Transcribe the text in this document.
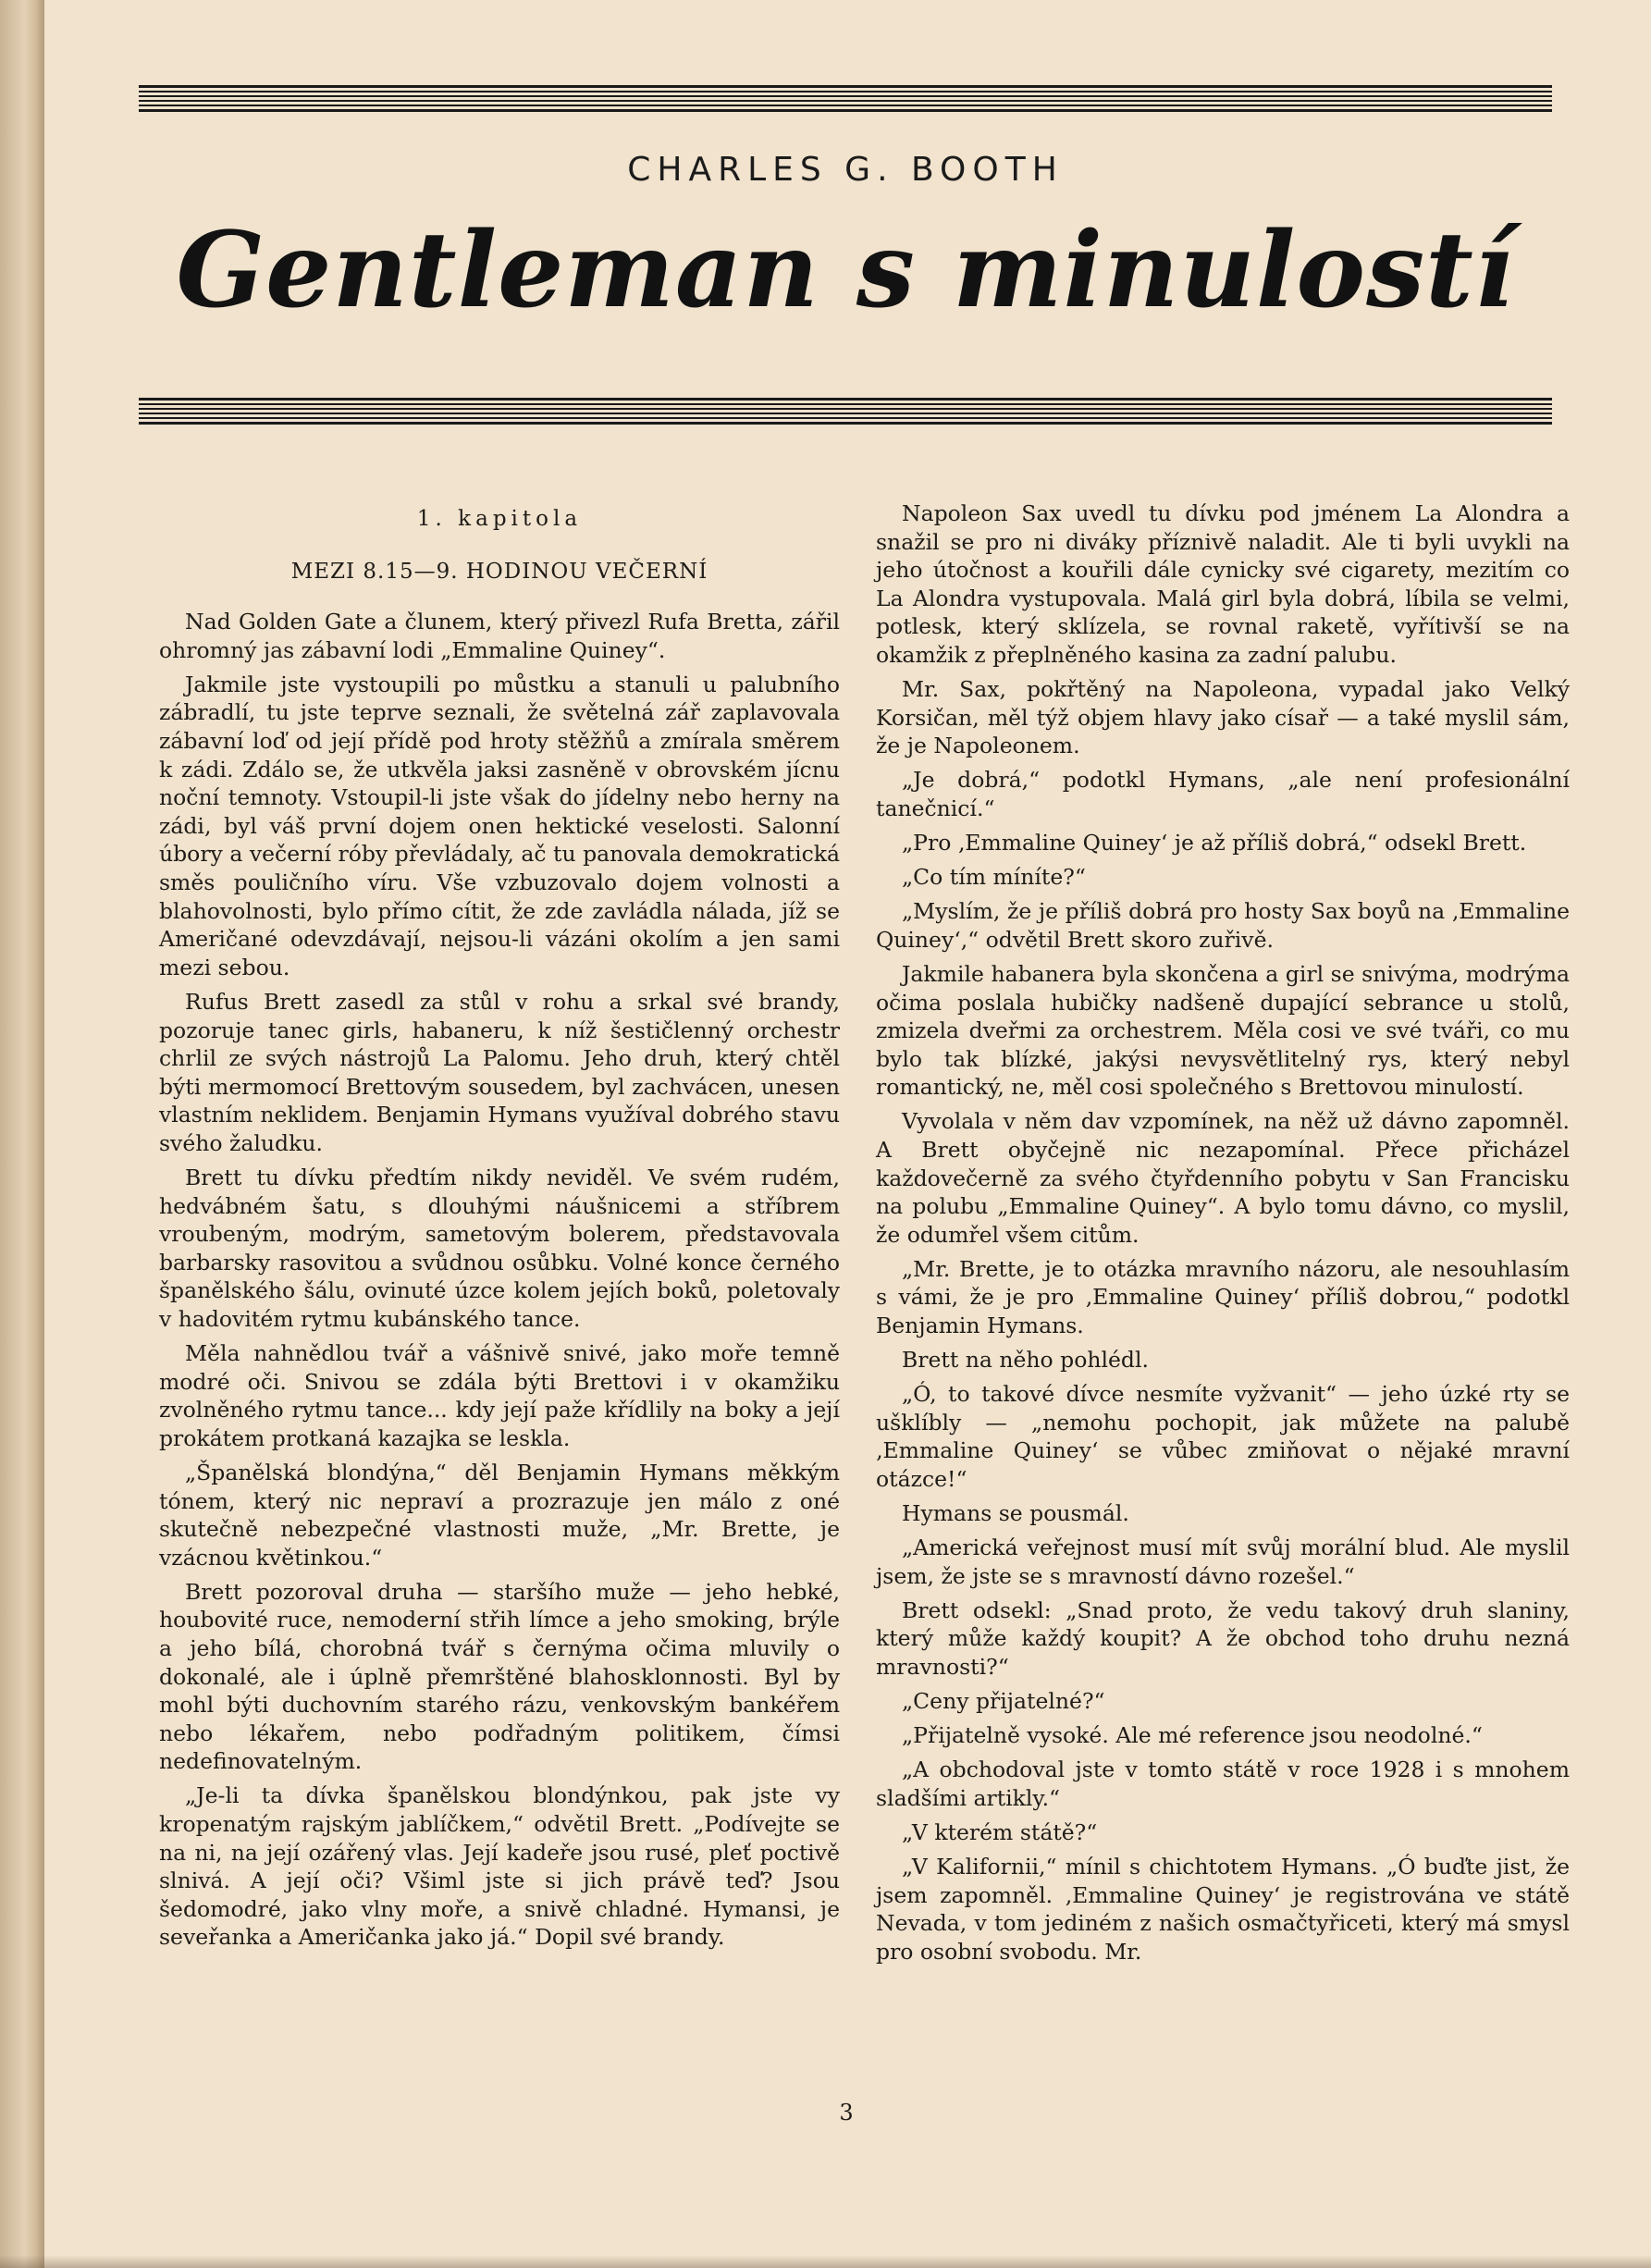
CHARLES G. BOOTH
Gentleman s minulostí
1. kapitola
MEZI 8.15—9. HODINOU VEČERNÍ

Nad Golden Gate a člunem, který přivezl Rufa Bretta, zářil ohromný jas zábavní lodi „Emmaline Quiney“.

Jakmile jste vystoupili po můstku a stanuli u palubního zábradlí, tu jste teprve seznali, že světelná zář zaplavovala zábavní loď od její přídě pod hroty stěžňů a zmírala směrem k zádi. Zdálo se, že utkvěla jaksi zasněně v obrovském jícnu noční temnoty. Vstoupil-li jste však do jídelny nebo herny na zádi, byl váš první dojem onen hektické veselosti. Salonní úbory a večerní róby převládaly, ač tu panovala demokratická směs pouličního víru. Vše vzbuzovalo dojem volnosti a blahovolnosti, bylo přímo cítit, že zde zavládla nálada, jíž se Američané odevzdávají, nejsou-li vázáni okolím a jen sami mezi sebou.

Rufus Brett zasedl za stůl v rohu a srkal své brandy, pozoruje tanec girls, habaneru, k níž šestičlenný orchestr chrlil ze svých nástrojů La Palomu. Jeho druh, který chtěl býti mermomocí Brettovým sousedem, byl zachvácen, unesen vlastním neklidem. Benjamin Hymans využíval dobrého stavu svého žaludku.

Brett tu dívku předtím nikdy neviděl. Ve svém rudém, hedvábném šatu, s dlouhými náušnicemi a stříbrem vroubeným, modrým, sametovým bolerem, představovala barbarsky rasovitou a svůdnou osůbku. Volné konce černého španělského šálu, ovinuté úzce kolem jejích boků, poletovaly v hadovitém rytmu kubánského tance.

Měla nahnědlou tvář a vášnivě snivé, jako moře temně modré oči. Snivou se zdála býti Brettovi i v okamžiku zvolněného rytmu tance... kdy její paže křídlily na boky a její prokátem protkaná kazajka se leskla.

„Španělská blondýna,“ děl Benjamin Hymans měkkým tónem, který nic neprаví a prozrazuje jen málo z oné skutečně nebezpečné vlastnosti muže, „Mr. Brette, je vzácnou květinkou.“

Brett pozoroval druha — staršího muže — jeho hebké, houbovité ruce, nemoderní střih límce a jeho smoking, brýle a jeho bílá, chorobná tvář s černýma očima mluvily o dokonalé, ale i úplně přemrštěné blahosklonnosti. Byl by mohl býti duchovním starého rázu, venkovským bankéřem nebo lékařem, nebo podřadným politikem, čímsi nedefinovatelným.

„Je-li ta dívka španělskou blondýnkou, pak jste vy kropenatým rajským jablíčkem,“ odvětil Brett. „Podívejte se na ni, na její ozářený vlas. Její kadeře jsou rusé, pleť poctivě slnivá. A její oči? Všiml jste si jich právě teď? Jsou šedomodré, jako vlny moře, a snivě chladné. Hymansi, je seveřanka a Američanka jako já.“ Dopil své brandy.

Napoleon Sax uvedl tu dívku pod jménem La Alondra a snažil se pro ni diváky příznivě naladit. Ale ti byli uvykli na jeho útočnost a kouřili dále cynicky své cigarety, mezitím co La Alondra vystupovala. Malá girl byla dobrá, líbila se velmi, potlesk, který sklízela, se rovnal raketě, vyřítivší se na okamžik z přeplněného kasina za zadní palubu.

Mr. Sax, pokřtěný na Napoleona, vypadal jako Velký Korsičan, měl týž objem hlavy jako císař — a také myslil sám, že je Napoleonem.

„Je dobrá,“ podotkl Hymans, „ale není profesionální tanečnicí.“

„Pro ‚Emmaline Quiney‘ je až příliš dobrá,“ odsekl Brett.

„Co tím míníte?“

„Myslím, že je příliš dobrá pro hosty Sax boyů na ‚Emmaline Quiney‘,“ odvětil Brett skoro zuřivě.

Jakmile habanera byla skončena a girl se snivýma, modrýma očima poslala hubičky nadšeně dupající sebrance u stolů, zmizela dveřmi za orchestrem. Měla cosi ve své tváři, co mu bylo tak blízké, jakýsi nevysvětlitelný rys, který nebyl romantický, ne, měl cosi společného s Brettovou minulostí.

Vyvolala v něm dav vzpomínek, na něž už dávno zapomněl. A Brett obyčejně nic nezapomínal. Přece přicházel každovečerně za svého čtyřdenního pobytu v San Francisku na polubu „Emmaline Quiney“. A bylo tomu dávno, co myslil, že odumřel všem citům.

„Mr. Brette, je to otázka mravního názoru, ale nesouhlasím s vámi, že je pro ‚Emmaline Quiney‘ příliš dobrou,“ podotkl Benjamin Hymans.

Brett na něho pohlédl.

„Ó, to takové dívce nesmíte vyžvanit“ — jeho úzké rty se ušklíbly — „nemohu pochopit, jak můžete na palubě ‚Emmaline Quiney‘ se vůbec zmiňovat o nějaké mravní otázce!“

Hymans se pousmál.

„Americká veřejnost musí mít svůj morální blud. Ale myslil jsem, že jste se s mravností dávno rozešel.“

Brett odsekl: „Snad proto, že vedu takový druh slaniny, který může každý koupit? A že obchod toho druhu nezná mravnosti?“

„Ceny přijatelné?“

„Přijatelně vysoké. Ale mé reference jsou neodolné.“

„A obchodoval jste v tomto státě v roce 1928 i s mnohem sladšími artikly.“

„V kterém státě?“

„V Kalifornii,“ mínil s chichtotem Hymans. „Ó buďte jist, že jsem zapomněl. ‚Emmaline Quiney‘ je registrována ve státě Nevada, v tom jediném z našich osmačtyřiceti, který má smysl pro osobní svobodu. Mr.

3
